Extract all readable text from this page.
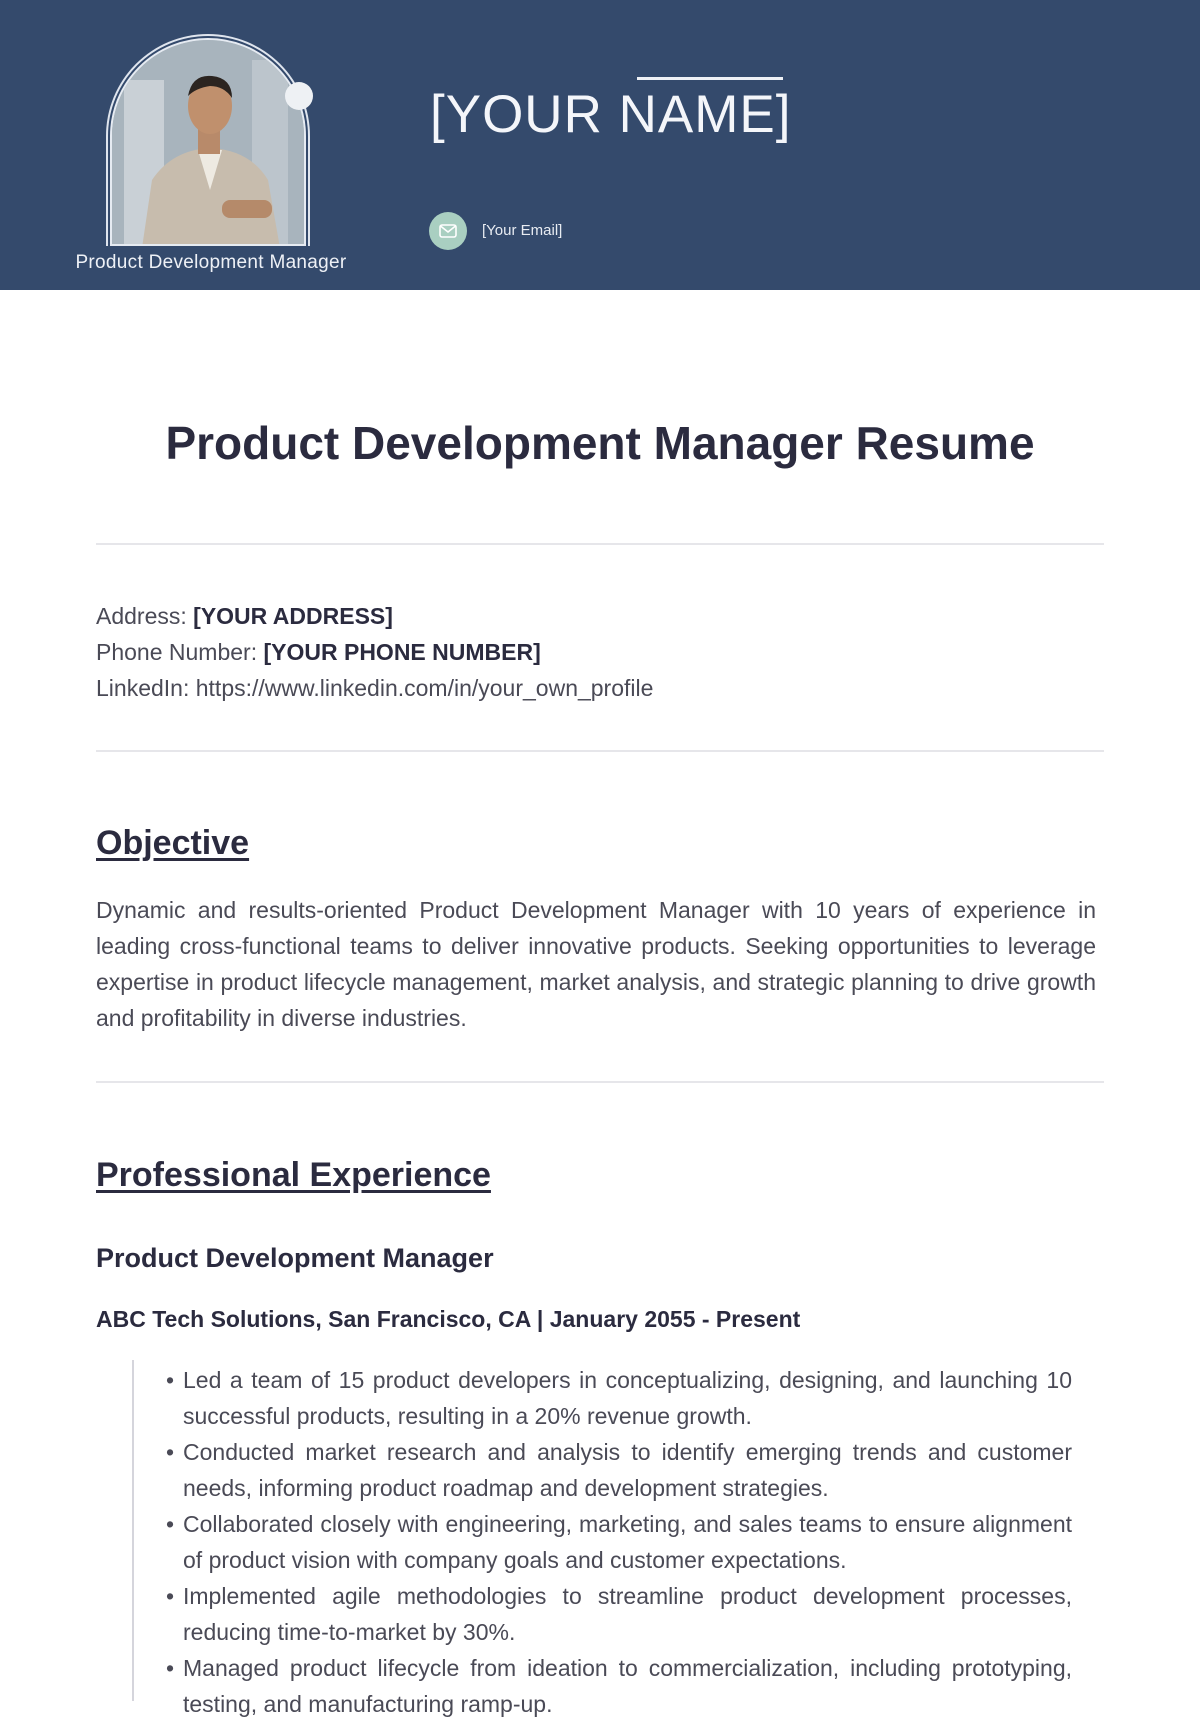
Product Development Manager
[YOUR NAME]
[Your Email]
Product Development Manager Resume
Address: [YOUR ADDRESS]
Phone Number: [YOUR PHONE NUMBER]
LinkedIn: https://www.linkedin.com/in/your_own_profile
Objective
Dynamic and results-oriented Product Development Manager with 10 years of experience in leading cross-functional teams to deliver innovative products. Seeking opportunities to leverage expertise in product lifecycle management, market analysis, and strategic planning to drive growth and profitability in diverse industries.
Professional Experience
Product Development Manager
ABC Tech Solutions, San Francisco, CA | January 2055 - Present
• Led a team of 15 product developers in conceptualizing, designing, and launching 10 successful products, resulting in a 20% revenue growth.
• Conducted market research and analysis to identify emerging trends and customer needs, informing product roadmap and development strategies.
• Collaborated closely with engineering, marketing, and sales teams to ensure alignment of product vision with company goals and customer expectations.
• Implemented agile methodologies to streamline product development processes, reducing time-to-market by 30%.
• Managed product lifecycle from ideation to commercialization, including prototyping, testing, and manufacturing ramp-up.
